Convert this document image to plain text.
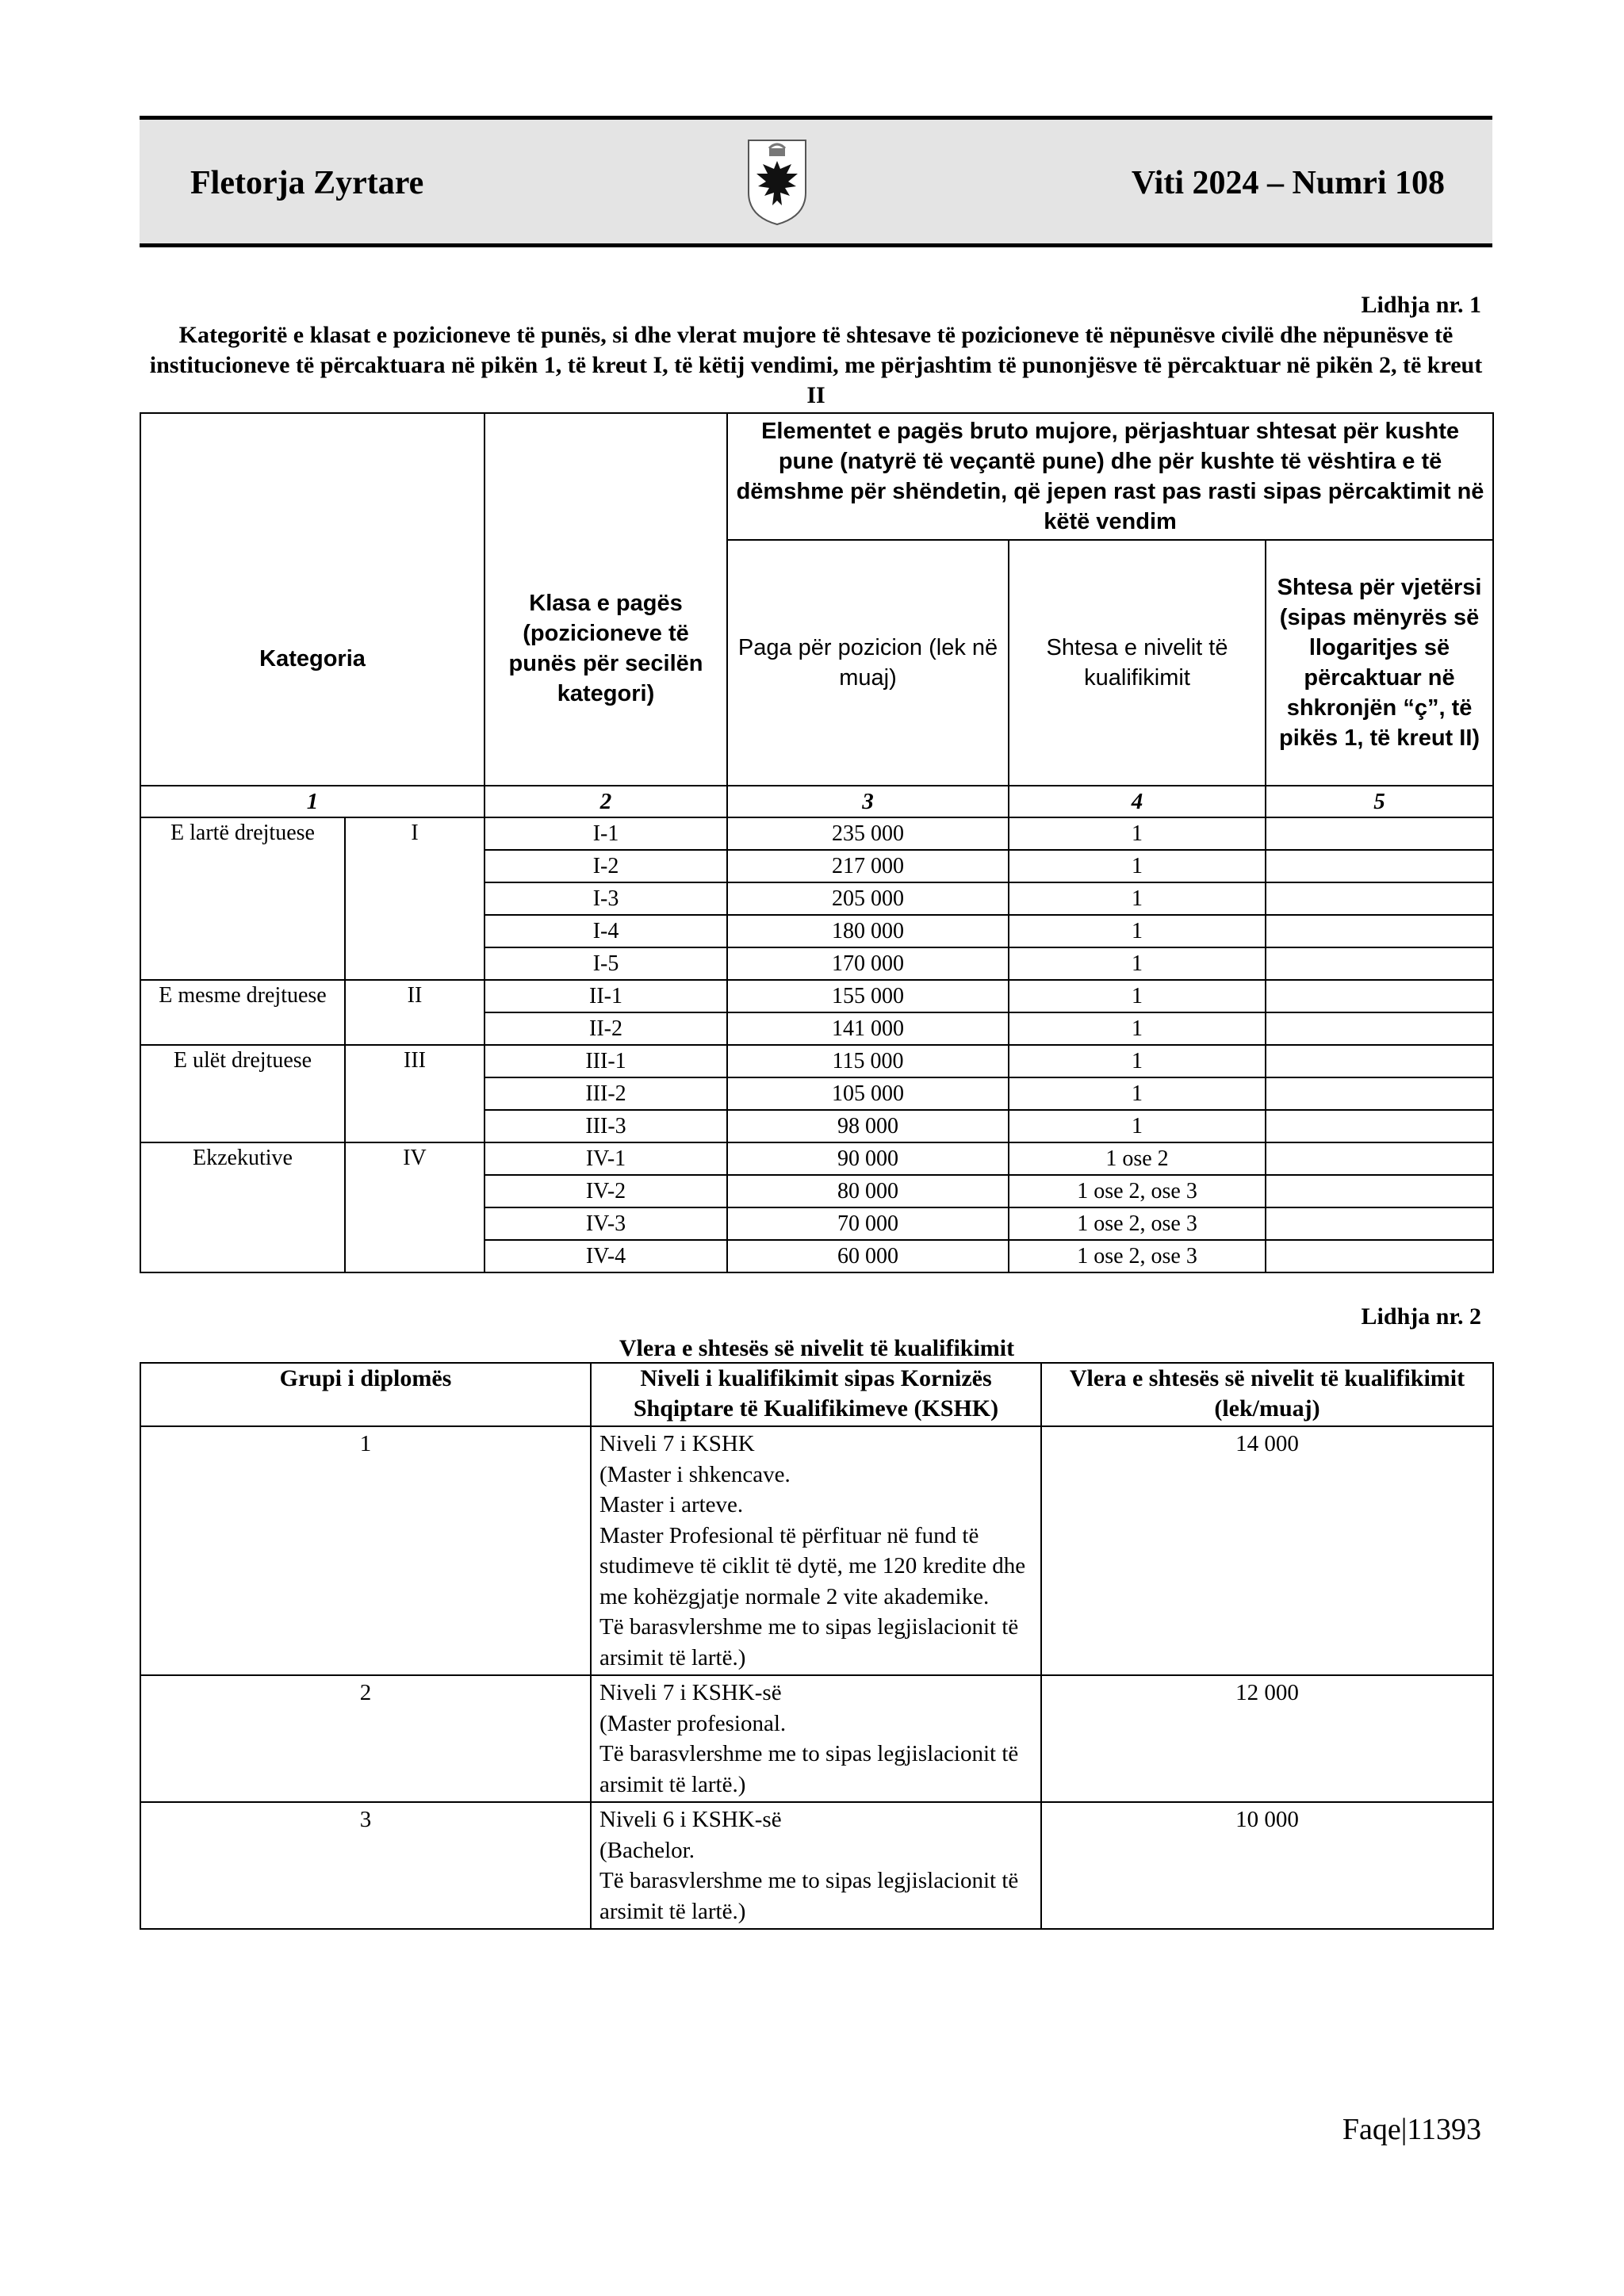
Fletorja Zyrtare	Viti 2024 – Numri 108
Lidhja nr. 1
Kategoritë e klasat e pozicioneve të punës, si dhe vlerat mujore të shtesave të pozicioneve të nëpunësve civilë dhe nëpunësve të institucioneve të përcaktuara në pikën 1, të kreut I, të këtij vendimi, me përjashtim të punonjësve të përcaktuar në pikën 2, të kreut II
Kategoria		Klasa e pagës (pozicioneve të punës për secilën kategori)	Elementet e pagës bruto mujore, përjashtuar shtesat për kushte pune (natyrë të veçantë pune) dhe për kushte të vështira e të dëmshme për shëndetin, që jepen rast pas rasti sipas përcaktimit në këtë vendim		
			Paga për pozicion (lek në muaj)	Shtesa e nivelit të kualifikimit	Shtesa për vjetërsi (sipas mënyrës së llogaritjes së përcaktuar në shkronjën “ç”, të pikës 1, të kreut II)
1		2	3	4	5
E lartë drejtuese	I	I-1	235 000	1	
		I-2	217 000	1	
		I-3	205 000	1	
		I-4	180 000	1	
		I-5	170 000	1	
E mesme drejtuese	II	II-1	155 000	1	
		II-2	141 000	1	
E ulët drejtuese	III	III-1	115 000	1	
		III-2	105 000	1	
		III-3	98 000	1	
Ekzekutive	IV	IV-1	90 000	1 ose 2	
		IV-2	80 000	1 ose 2, ose 3	
		IV-3	70 000	1 ose 2, ose 3	
		IV-4	60 000	1 ose 2, ose 3	
Lidhja nr. 2
Vlera e shtesës së nivelit të kualifikimit
Grupi i diplomës	Niveli i kualifikimit sipas Kornizës Shqiptare të Kualifikimeve (KSHK)	Vlera e shtesës së nivelit të kualifikimit (lek/muaj)
1	Niveli 7 i KSHK
(Master i shkencave.
Master i arteve.
Master Profesional të përfituar në fund të studimeve të ciklit të dytë, me 120 kredite dhe me kohëzgjatje normale 2 vite akademike.
Të barasvlershme me to sipas legjislacionit të arsimit të lartë.)	14 000
2	Niveli 7 i KSHK-së
(Master profesional.
Të barasvlershme me to sipas legjislacionit të arsimit të lartë.)	12 000
3	Niveli 6 i KSHK-së
(Bachelor.
Të barasvlershme me to sipas legjislacionit të arsimit të lartë.)	10 000
Faqe|11393
